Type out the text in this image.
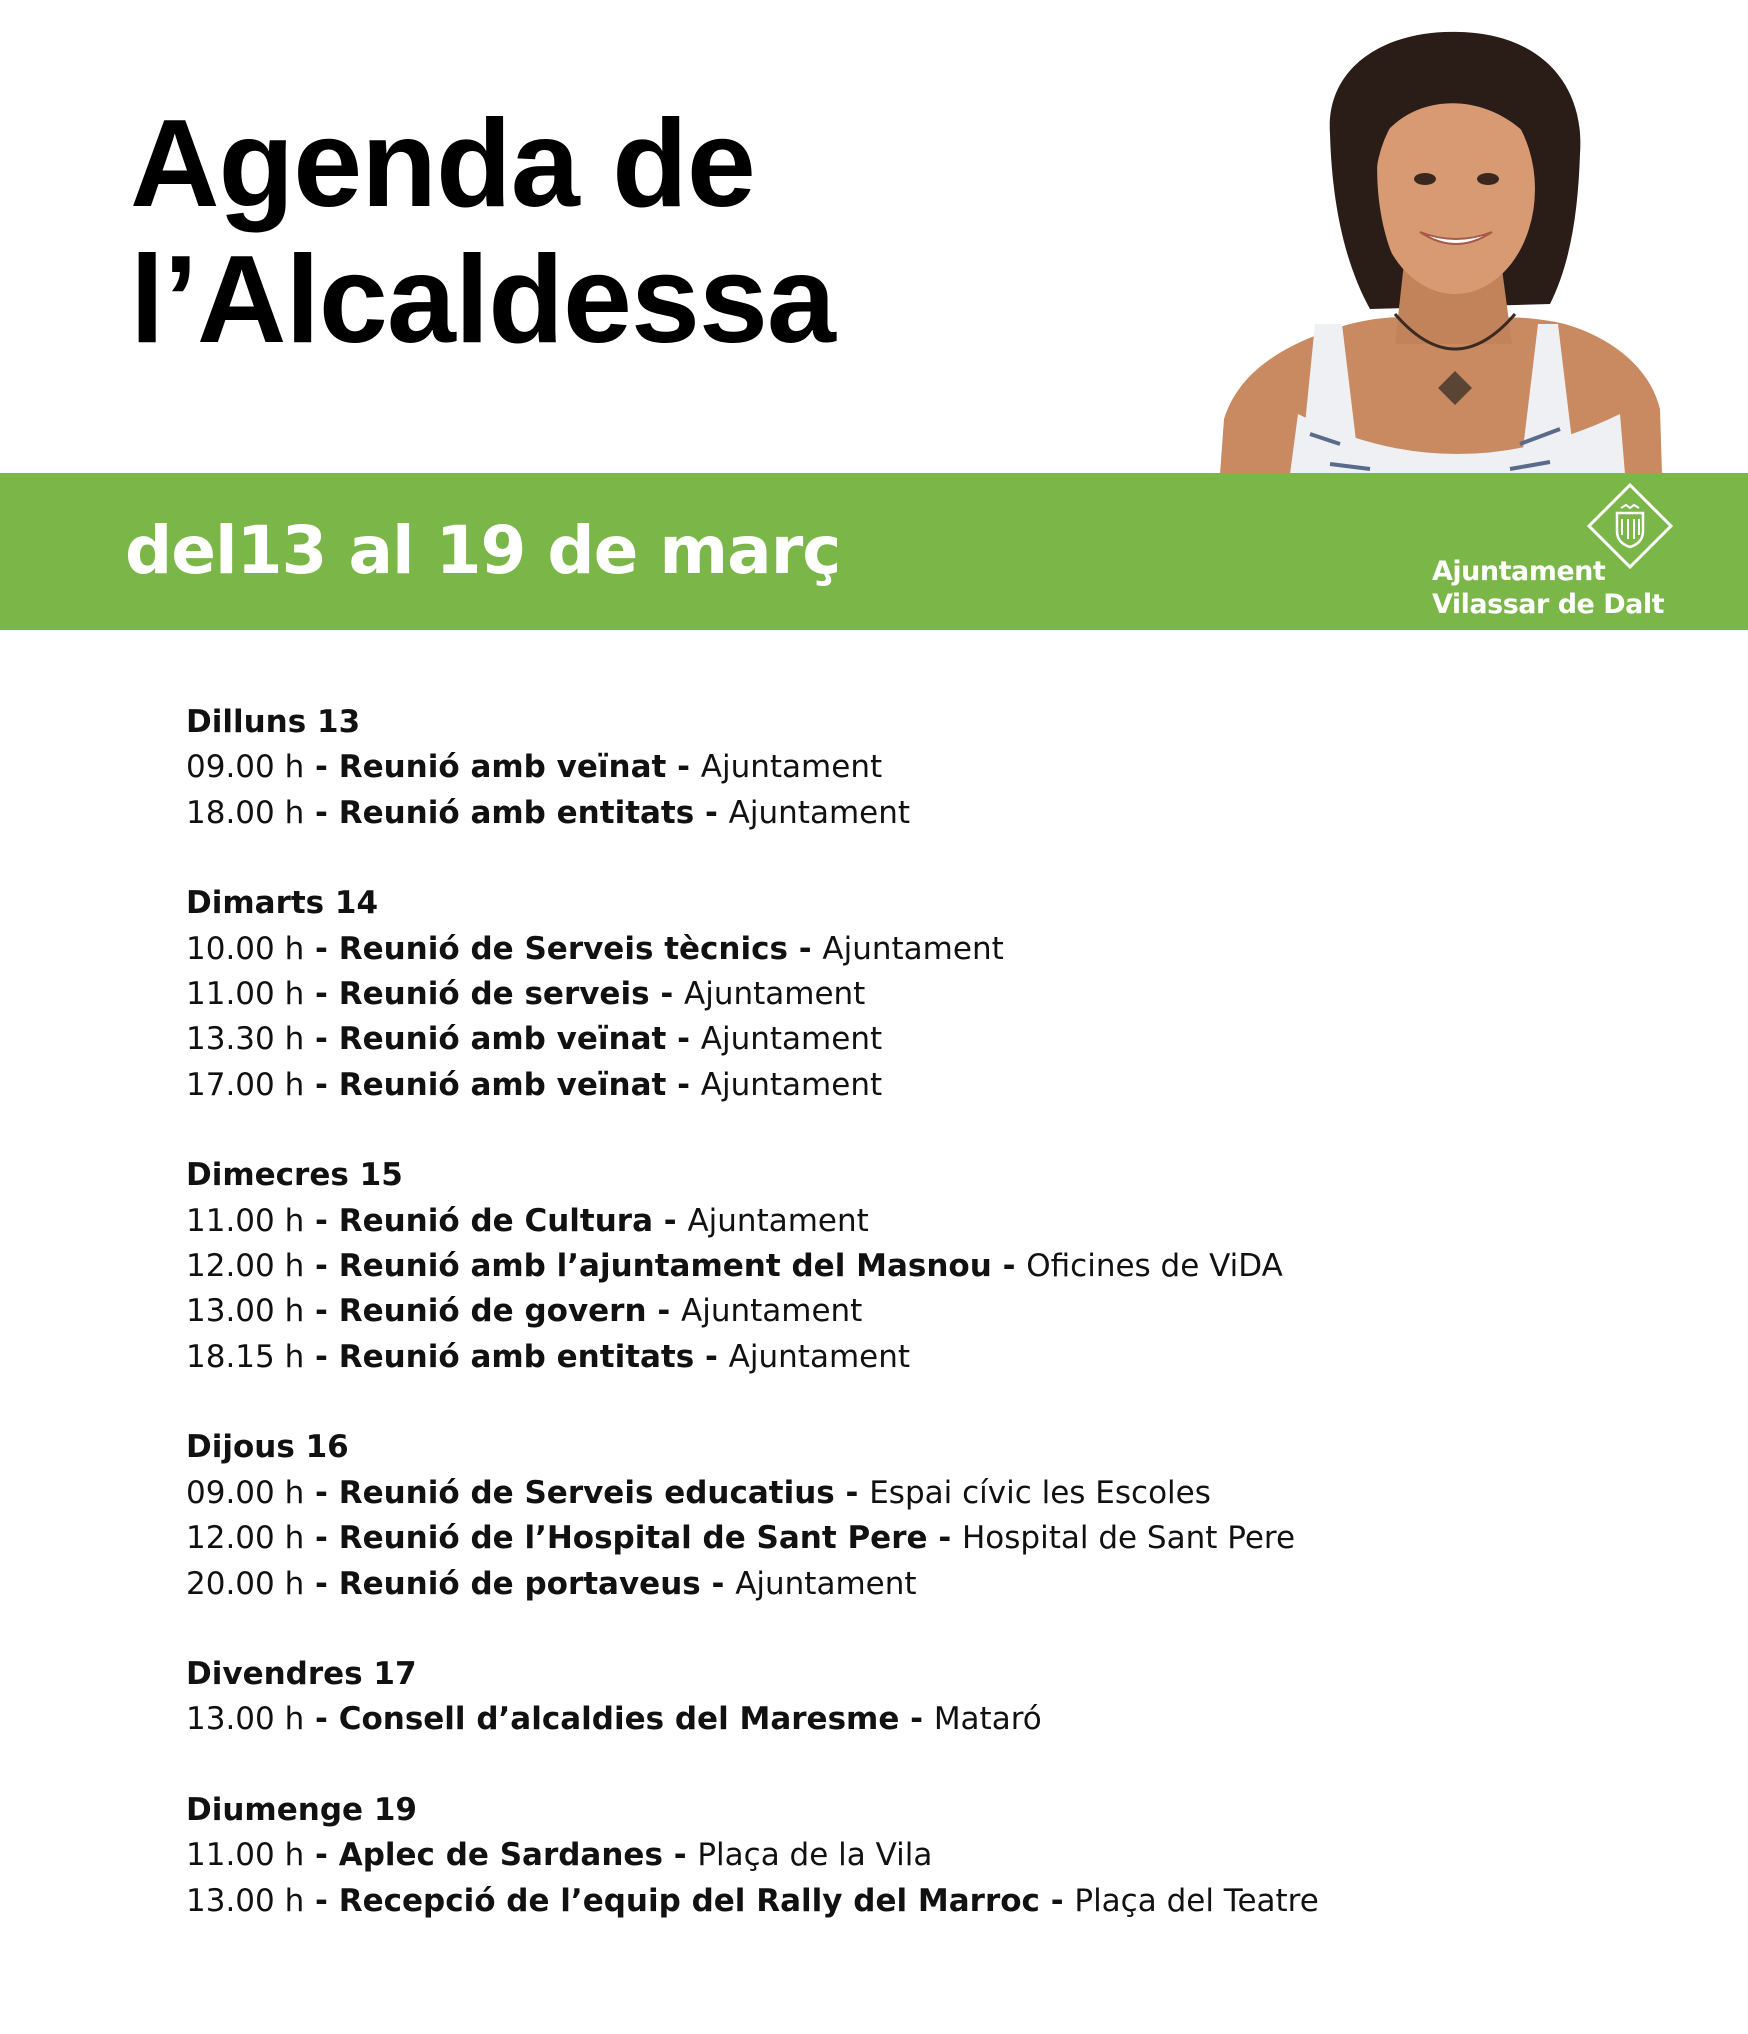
Agenda de
l’Alcaldessa
del13 al 19 de març	Ajuntament
Vilassar de Dalt
Dilluns 13
09.00 h - Reunió amb veïnat - Ajuntament
18.00 h - Reunió amb entitats - Ajuntament
Dimarts 14
10.00 h - Reunió de Serveis tècnics - Ajuntament
11.00 h - Reunió de serveis - Ajuntament
13.30 h - Reunió amb veïnat - Ajuntament
17.00 h - Reunió amb veïnat - Ajuntament
Dimecres 15
11.00 h - Reunió de Cultura - Ajuntament
12.00 h - Reunió amb l’ajuntament del Masnou - Oficines de ViDA
13.00 h - Reunió de govern - Ajuntament
18.15 h - Reunió amb entitats - Ajuntament
Dijous 16
09.00 h - Reunió de Serveis educatius - Espai cívic les Escoles
12.00 h - Reunió de l’Hospital de Sant Pere - Hospital de Sant Pere
20.00 h - Reunió de portaveus - Ajuntament
Divendres 17
13.00 h - Consell d’alcaldies del Maresme - Mataró
Diumenge 19
11.00 h - Aplec de Sardanes - Plaça de la Vila
13.00 h - Recepció de l’equip del Rally del Marroc - Plaça del Teatre
